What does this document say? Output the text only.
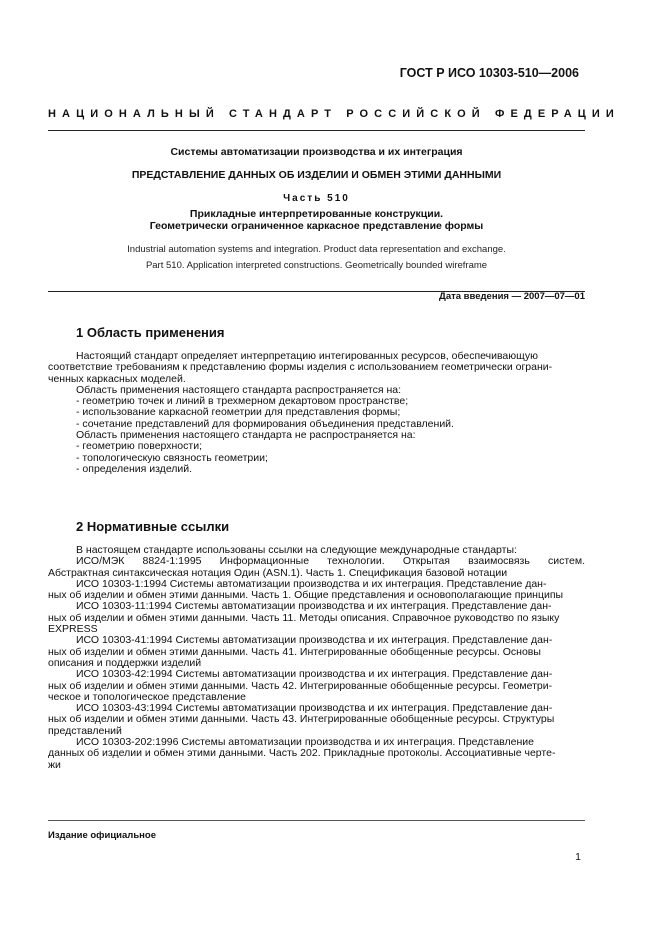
ГОСТ Р ИСО 10303-510—2006
НАЦИОНАЛЬНЫЙ СТАНДАРТ РОССИЙСКОЙ ФЕДЕРАЦИИ
Системы автоматизации производства и их интеграция
ПРЕДСТАВЛЕНИЕ ДАННЫХ ОБ ИЗДЕЛИИ И ОБМЕН ЭТИМИ ДАННЫМИ
Часть 510
Прикладные интерпретированные конструкции.
Геометрически ограниченное каркасное представление формы
Industrial automation systems and integration. Product data representation and exchange.
Part 510. Application interpreted constructions. Geometrically bounded wireframe
Дата введения — 2007—07—01
1 Область применения

Настоящий стандарт определяет интерпретацию интегированных ресурсов, обеспечивающую

соответствие требованиям к представлению формы изделия с использованием геометрически ограни-

ченных каркасных моделей.

Область применения настоящего стандарта распространяется на:

- геометрию точек и линий в трехмерном декартовом пространстве;

- использование каркасной геометрии для представления формы;

- сочетание представлений для формирования объединения представлений.

Область применения настоящего стандарта не распространяется на:

- геометрию поверхности;

- топологическую связность геометрии;

- определения изделий.

2 Нормативные ссылки

В настоящем стандарте использованы ссылки на следующие международные стандарты:

ИСО/МЭК 8824-1:1995 Информационные технологии. Открытая взаимосвязь систем.

Абстрактная синтаксическая нотация Один (ASN.1). Часть 1. Спецификация базовой нотации

ИСО 10303-1:1994 Системы автоматизации производства и их интеграция. Представление дан-

ных об изделии и обмен этими данными. Часть 1. Общие представления и основополагающие принципы

ИСО 10303-11:1994 Системы автоматизации производства и их интеграция. Представление дан-

ных об изделии и обмен этими данными. Часть 11. Методы описания. Справочное руководство по языку

EXPRESS

ИСО 10303-41:1994 Системы автоматизации производства и их интеграция. Представление дан-

ных об изделии и обмен этими данными. Часть 41. Интегрированные обобщенные ресурсы. Основы

описания и поддержки изделий

ИСО 10303-42:1994 Системы автоматизации производства и их интеграция. Представление дан-

ных об изделии и обмен этими данными. Часть 42. Интегрированные обобщенные ресурсы. Геометри-

ческое и топологическое представление

ИСО 10303-43:1994 Системы автоматизации производства и их интеграция. Представление дан-

ных об изделии и обмен этими данными. Часть 43. Интегрированные обобщенные ресурсы. Структуры

представлений

ИСО 10303-202:1996 Системы автоматизации производства и их интеграция. Представление

данных об изделии и обмен этими данными. Часть 202. Прикладные протоколы. Ассоциативные черте-

жи

Издание официальное
1
